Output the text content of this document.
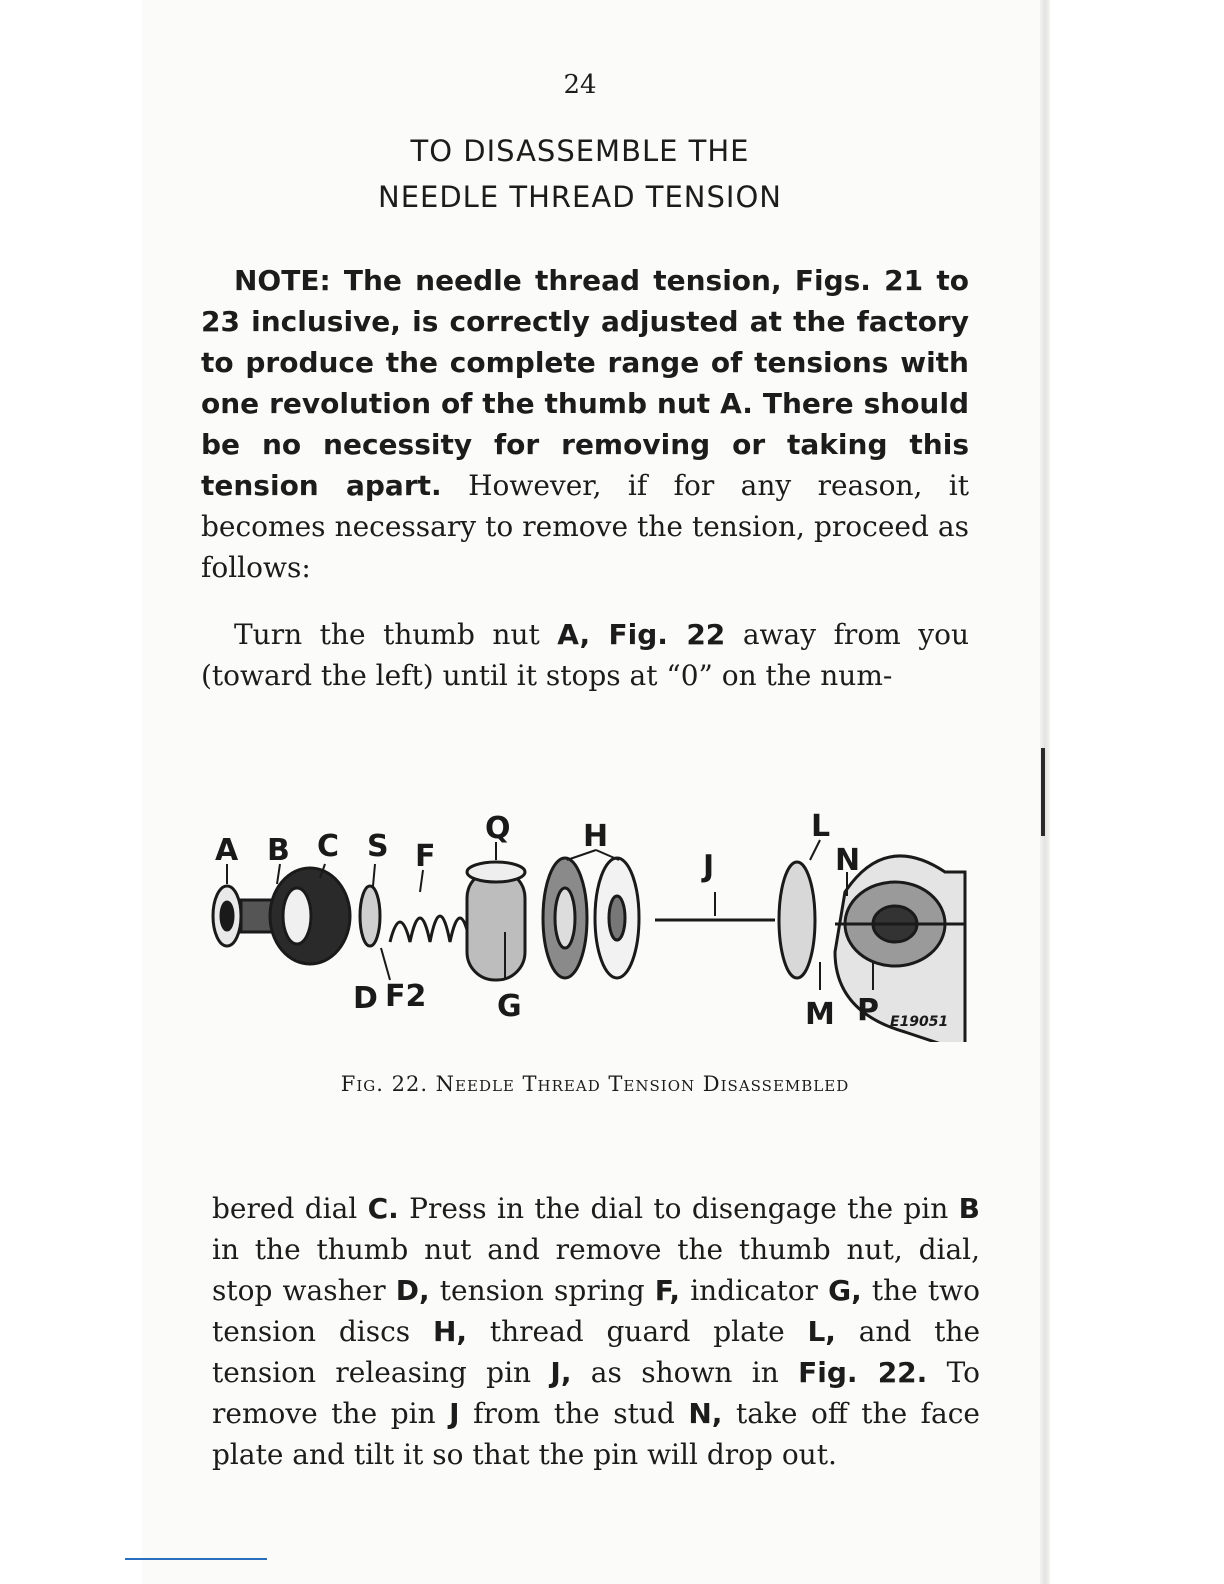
24
TO DISASSEMBLE THE
NEEDLE THREAD TENSION

NOTE: The needle thread tension, Figs. 21 to 23 inclusive, is correctly adjusted at the factory to produce the complete range of tensions with one revolution of the thumb nut A. There should be no necessity for removing or taking this tension apart. However, if for any reason, it becomes necessary to remove the tension, proceed as follows:

Turn the thumb nut A, Fig. 22 away from you (toward the left) until it stops at “0” on the num-

A B C S F
Q H
J
L
N
D F2 G	M P E19051
Fig. 22. Needle Thread Tension Disassembled

bered dial C. Press in the dial to disengage the pin B in the thumb nut and remove the thumb nut, dial, stop washer D, tension spring F, indicator G, the two tension discs H, thread guard plate L, and the tension releasing pin J, as shown in Fig. 22. To remove the pin J from the stud N, take off the face plate and tilt it so that the pin will drop out.
